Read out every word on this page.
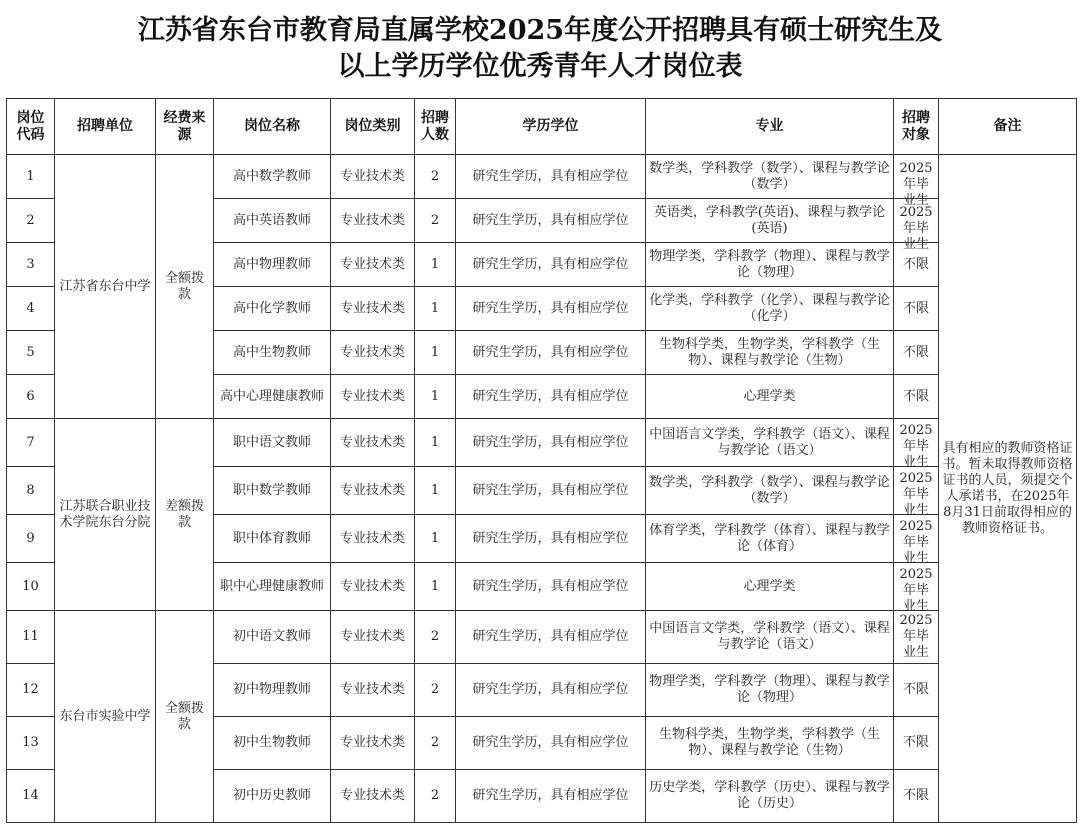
江苏省东台市教育局直属学校2025年度公开招聘具有硕士研究生及
以上学历学位优秀青年人才岗位表
岗位代码	招聘单位	经费来源	岗位名称	岗位类别	招聘人数	学历学位	专业	招聘对象	备注
1	江苏省东台中学	全额拨款	高中数学教师	专业技术类	2	研究生学历，具有相应学位	数学类，学科教学（数学）、课程与教学论（数学）	2025年毕业生	具有相应的教师资格证书。暂未取得教师资格证书的人员，须提交个人承诺书，在2025年8月31日前取得相应的教师资格证书。
2			高中英语教师	专业技术类	2	研究生学历，具有相应学位	英语类，学科教学(英语)、课程与教学论(英语)	2025年毕业生	

3			高中物理教师	专业技术类	1	研究生学历，具有相应学位	物理学类，学科教学（物理）、课程与教学论（物理）	不限	
4			高中化学教师	专业技术类	1	研究生学历，具有相应学位	化学类，学科教学（化学）、课程与教学论（化学）	不限	
5			高中生物教师	专业技术类	1	研究生学历，具有相应学位	生物科学类，生物学类，学科教学（生物）、课程与教学论（生物）	不限	
6			高中心理健康教师	专业技术类	1	研究生学历，具有相应学位	心理学类	不限	
7	江苏联合职业技术学院东台分院	差额拨款	职中语文教师	专业技术类	1	研究生学历，具有相应学位	中国语言文学类，学科教学（语文）、课程与教学论（语文）	2025年毕业生	

8			职中数学教师	专业技术类	1	研究生学历，具有相应学位	数学类，学科教学（数学）、课程与教学论（数学）	2025年毕业生	

9			职中体育教师	专业技术类	1	研究生学历，具有相应学位	体育学类，学科教学（体育）、课程与教学论（体育）	2025年毕业生	

10			职中心理健康教师	专业技术类	1	研究生学历，具有相应学位	心理学类	2025年毕业生	

11	东台市实验中学	全额拨款	初中语文教师	专业技术类	2	研究生学历，具有相应学位	中国语言文学类，学科教学（语文）、课程与教学论（语文）	2025年毕业生	

12			初中物理教师	专业技术类	2	研究生学历，具有相应学位	物理学类，学科教学（物理）、课程与教学论（物理）	不限	
13			初中生物教师	专业技术类	2	研究生学历，具有相应学位	生物科学类，生物学类，学科教学（生物）、课程与教学论（生物）	不限	
14			初中历史教师	专业技术类	2	研究生学历，具有相应学位	历史学类，学科教学（历史）、课程与教学论（历史）	不限	
